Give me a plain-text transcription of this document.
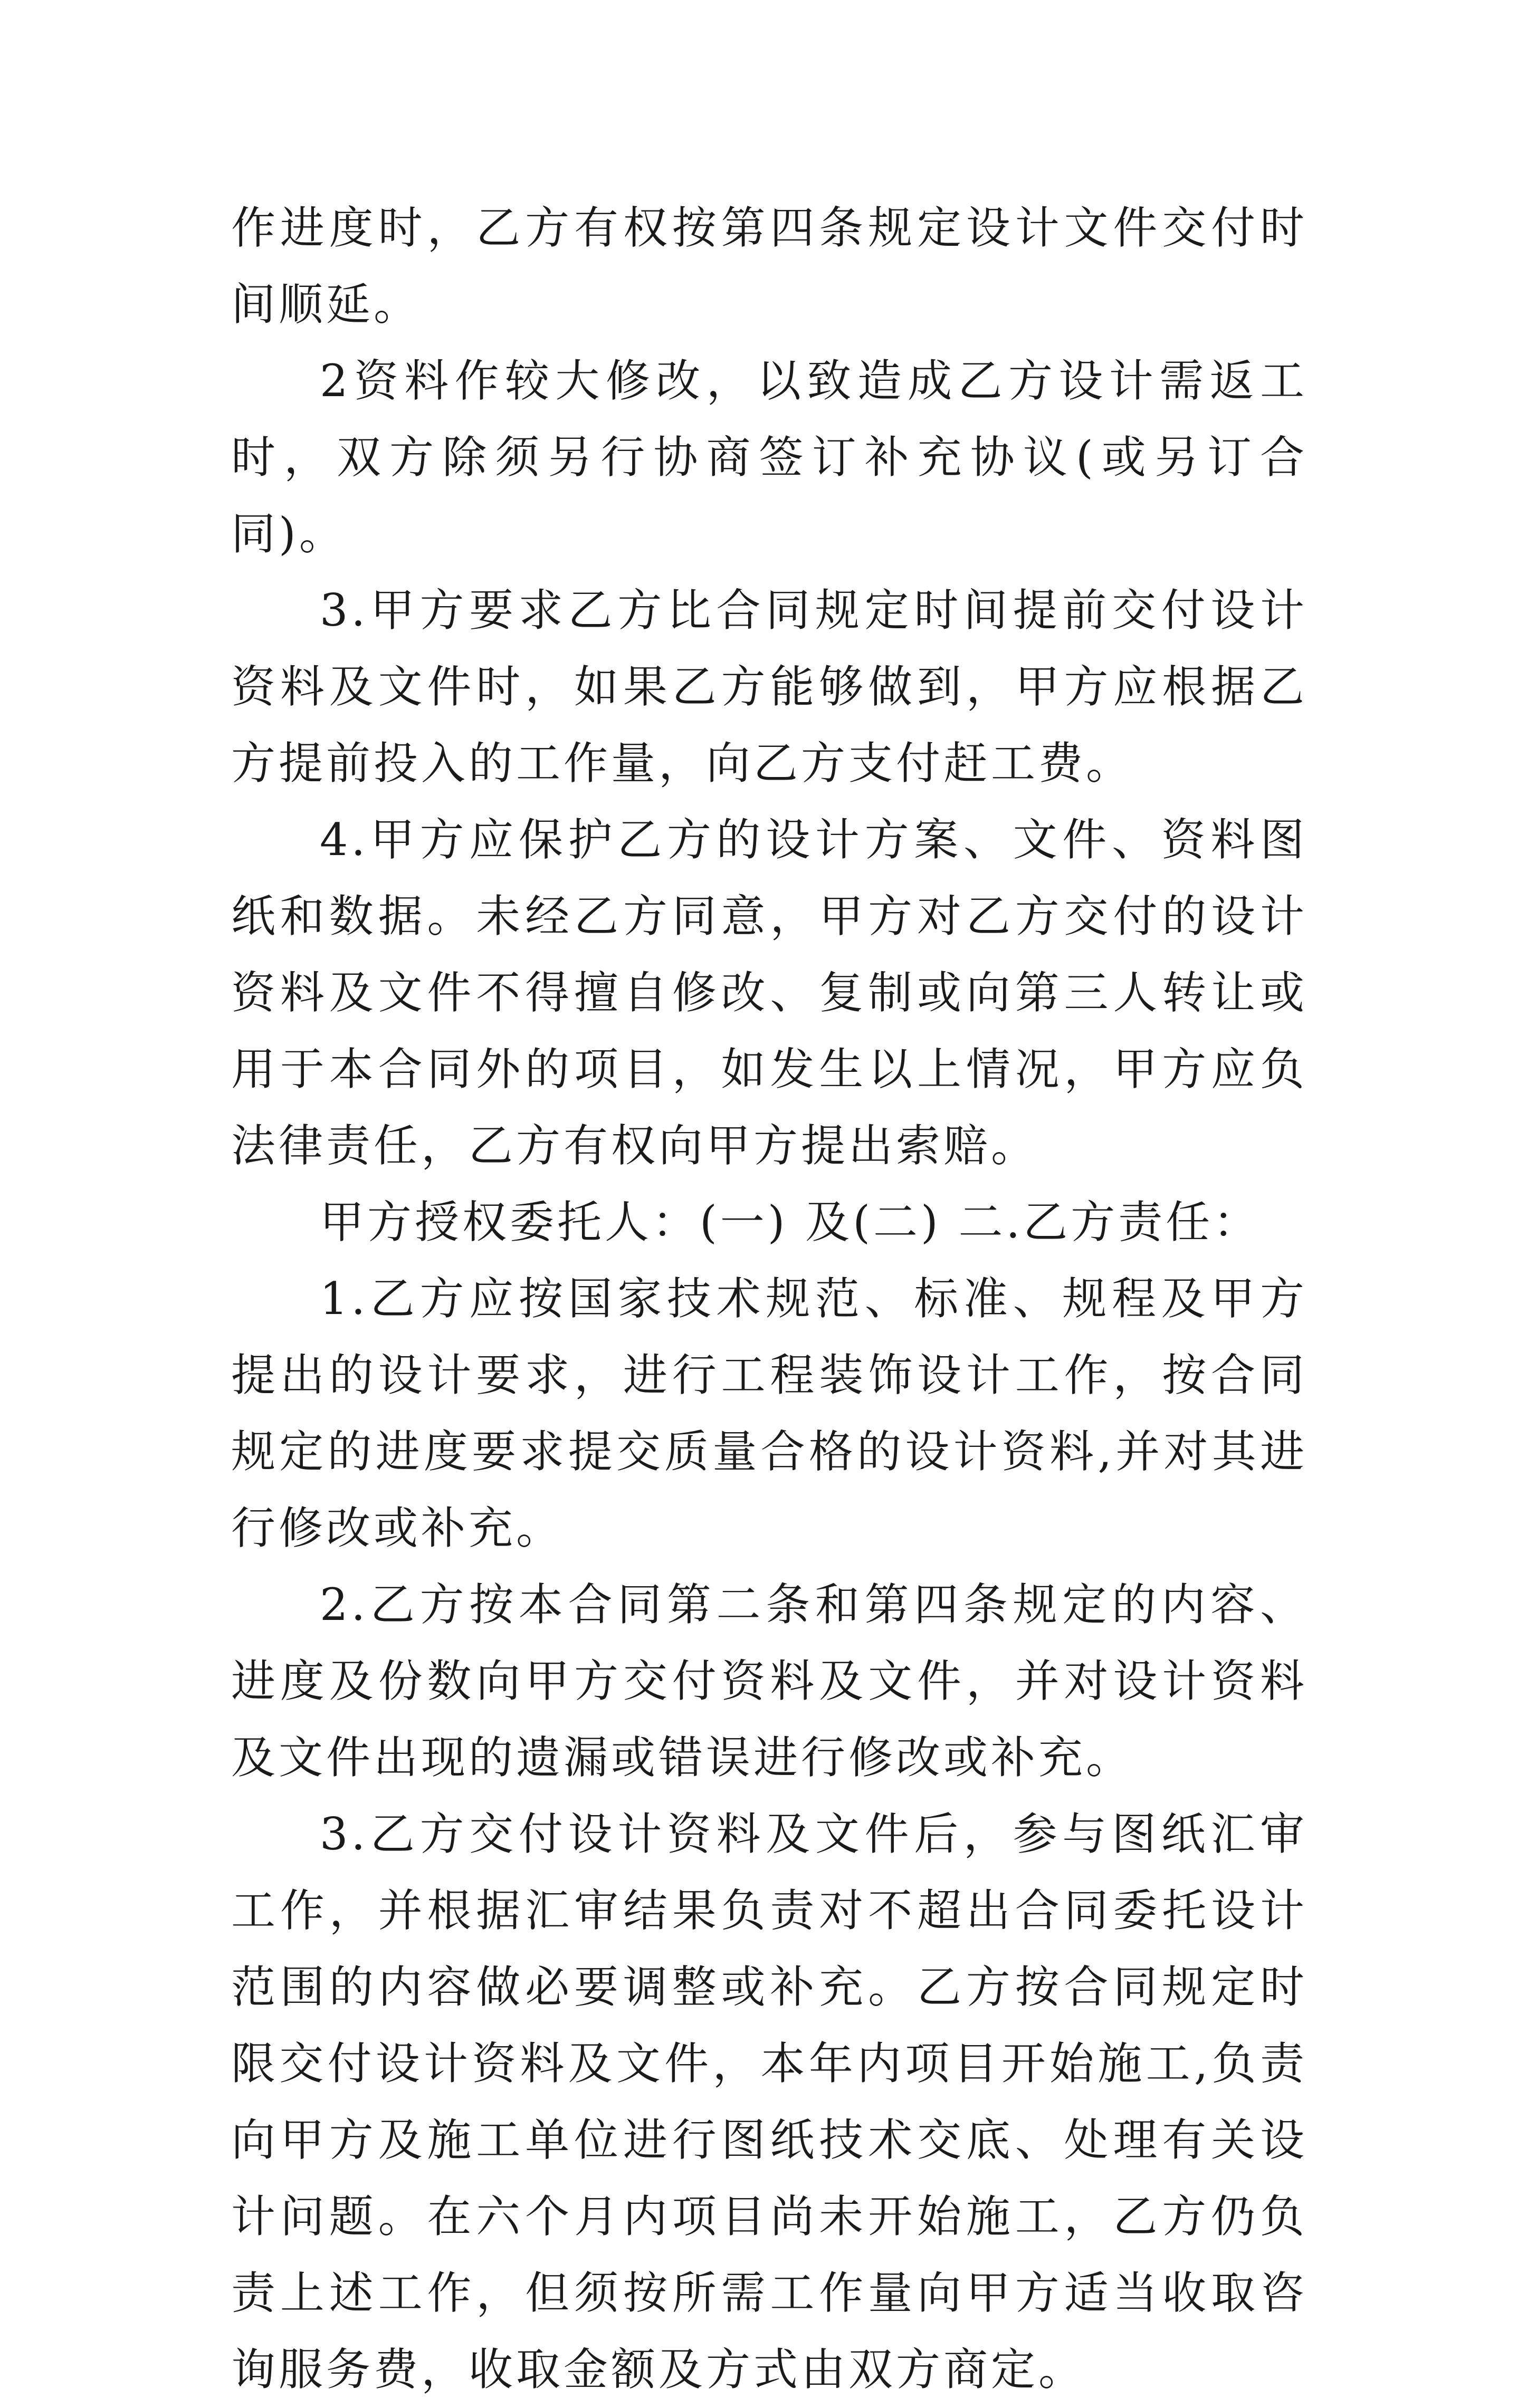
作进度时，乙方有权按第四条规定设计文件交付时间顺延。

2资料作较大修改，以致造成乙方设计需返工时，双方除须另行协商签订补充协议(或另订合同)。

3.甲方要求乙方比合同规定时间提前交付设计资料及文件时，如果乙方能够做到，甲方应根据乙方提前投入的工作量，向乙方支付赶工费。

4.甲方应保护乙方的设计方案、文件、资料图纸和数据。未经乙方同意，甲方对乙方交付的设计资料及文件不得擅自修改、复制或向第三人转让或用于本合同外的项目，如发生以上情况，甲方应负法律责任，乙方有权向甲方提出索赔。

甲方授权委托人：(一) 及(二) 二.乙方责任：

1.乙方应按国家技术规范、标准、规程及甲方提出的设计要求，进行工程装饰设计工作，按合同规定的进度要求提交质量合格的设计资料,并对其进行修改或补充。

2.乙方按本合同第二条和第四条规定的内容、进度及份数向甲方交付资料及文件，并对设计资料及文件出现的遗漏或错误进行修改或补充。

3.乙方交付设计资料及文件后，参与图纸汇审工作，并根据汇审结果负责对不超出合同委托设计范围的内容做必要调整或补充。乙方按合同规定时限交付设计资料及文件，本年内项目开始施工,负责向甲方及施工单位进行图纸技术交底、处理有关设计问题。在六个月内项目尚未开始施工，乙方仍负责上述工作，但须按所需工作量向甲方适当收取咨询服务费，收取金额及方式由双方商定。
